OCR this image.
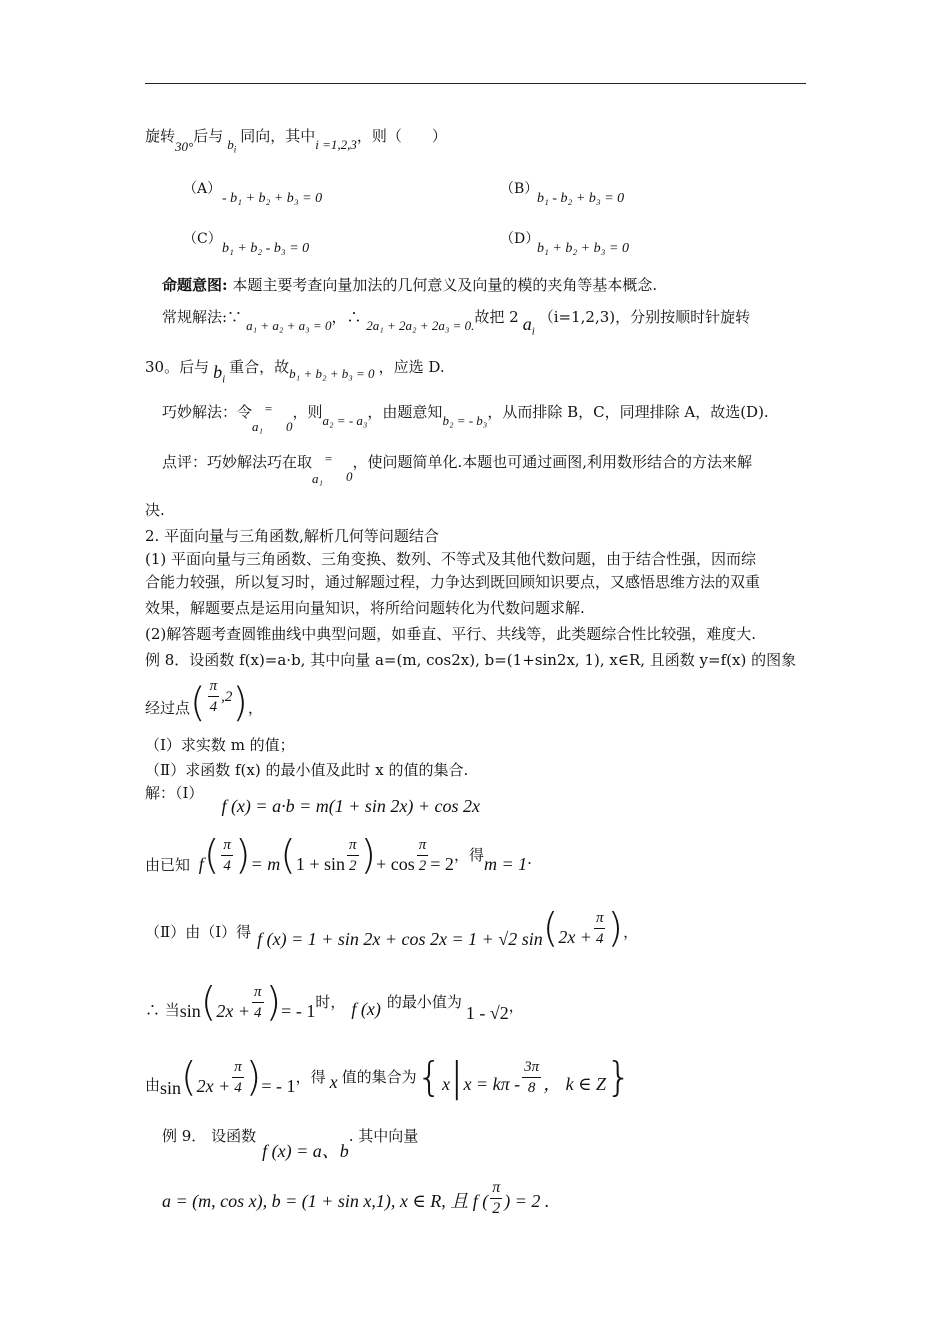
旋转30°后与 $b_i$同向，其中i =1,2,3，则（　　）
（A）
- b₁ + b₂ + b₃ = 0
（B）
b₁ - b₂ + b₃ = 0
（C）
b₁ + b₂ - b₃ = 0
（D）
b₁ + b₂ + b₃ = 0
命题意图: 本题主要考查向量加法的几何意义及向量的模的夹角等基本概念.
常规解法:∵ a₁ + a₂ + a₃ = 0，∴ 2a₁ + 2a₂ + 2a₃ = 0.故把 2 $a_i(i=1,2,3)$，分别按顺时针旋转
30。后与 $b_i$重合，故b₁ + b₂ + b₃ = 0 ，应选 D.
巧妙解法：令 =
a₁ 0，则a₂ = - a₃，由题意知b₂ = - b₃，从而排除 B，C，同理排除 A，故选(D).
点评：巧妙解法巧在取 =
a₁ 0，使问题简单化.本题也可通过画图,利用数形结合的方法来解
决.
2. 平面向量与三角函数,解析几何等问题结合
(1) 平面向量与三角函数、三角变换、数列、不等式及其他代数问题，由于结合性强，因而综
合能力较强，所以复习时，通过解题过程，力争达到既回顾知识要点，又感悟思维方法的双重
效果，解题要点是运用向量知识，将所给问题转化为代数问题求解.
(2)解答题考查圆锥曲线中典型问题，如垂直、平行、共线等，此类题综合性比较强，难度大.
例 8．设函数 f(x)=a·b, 其中向量 a=(m, cos2x), b=(1+sin2x, 1), x∈R, 且函数 y=f(x) 的图象
经过点( $\frac{\pi}{4} ,2$)，
（Ⅰ）求实数 m 的值；
（Ⅱ）求函数 f(x) 的最小值及此时 x 的值的集合.
解：（Ⅰ）f (x) = a·b = m(1 + sin 2x) + cos 2x
由已知 $f( \frac{\pi}{4}$ )= $m(1 + \sin \frac{\pi}{2}$ )+ $\cos \frac{\pi}{2} = 2$，得m = 1·
（Ⅱ）由（Ⅰ）得 f (x) = 1 + sin 2x + cos 2x = 1 + √2 $\sin(2x + \frac{\pi}{4}$ )，
∴ 当$\sin(2x + \frac{\pi}{4}$ )= - 1时， f (x) 的最小值为1 - √2，
由$\sin(2x + \frac{\pi}{4}$ )= - 1，得 x 值的集合为{$x|x = k\pi - \frac{3\pi}{8}$ ， k ∈ Z}
例 9． 设函数f (x) = a、b. 其中向量
a = (m, cos x), b = (1 + sin x,1), x ∈ R, 且 f ( $\frac{\pi}{2}$ ) = 2 .
